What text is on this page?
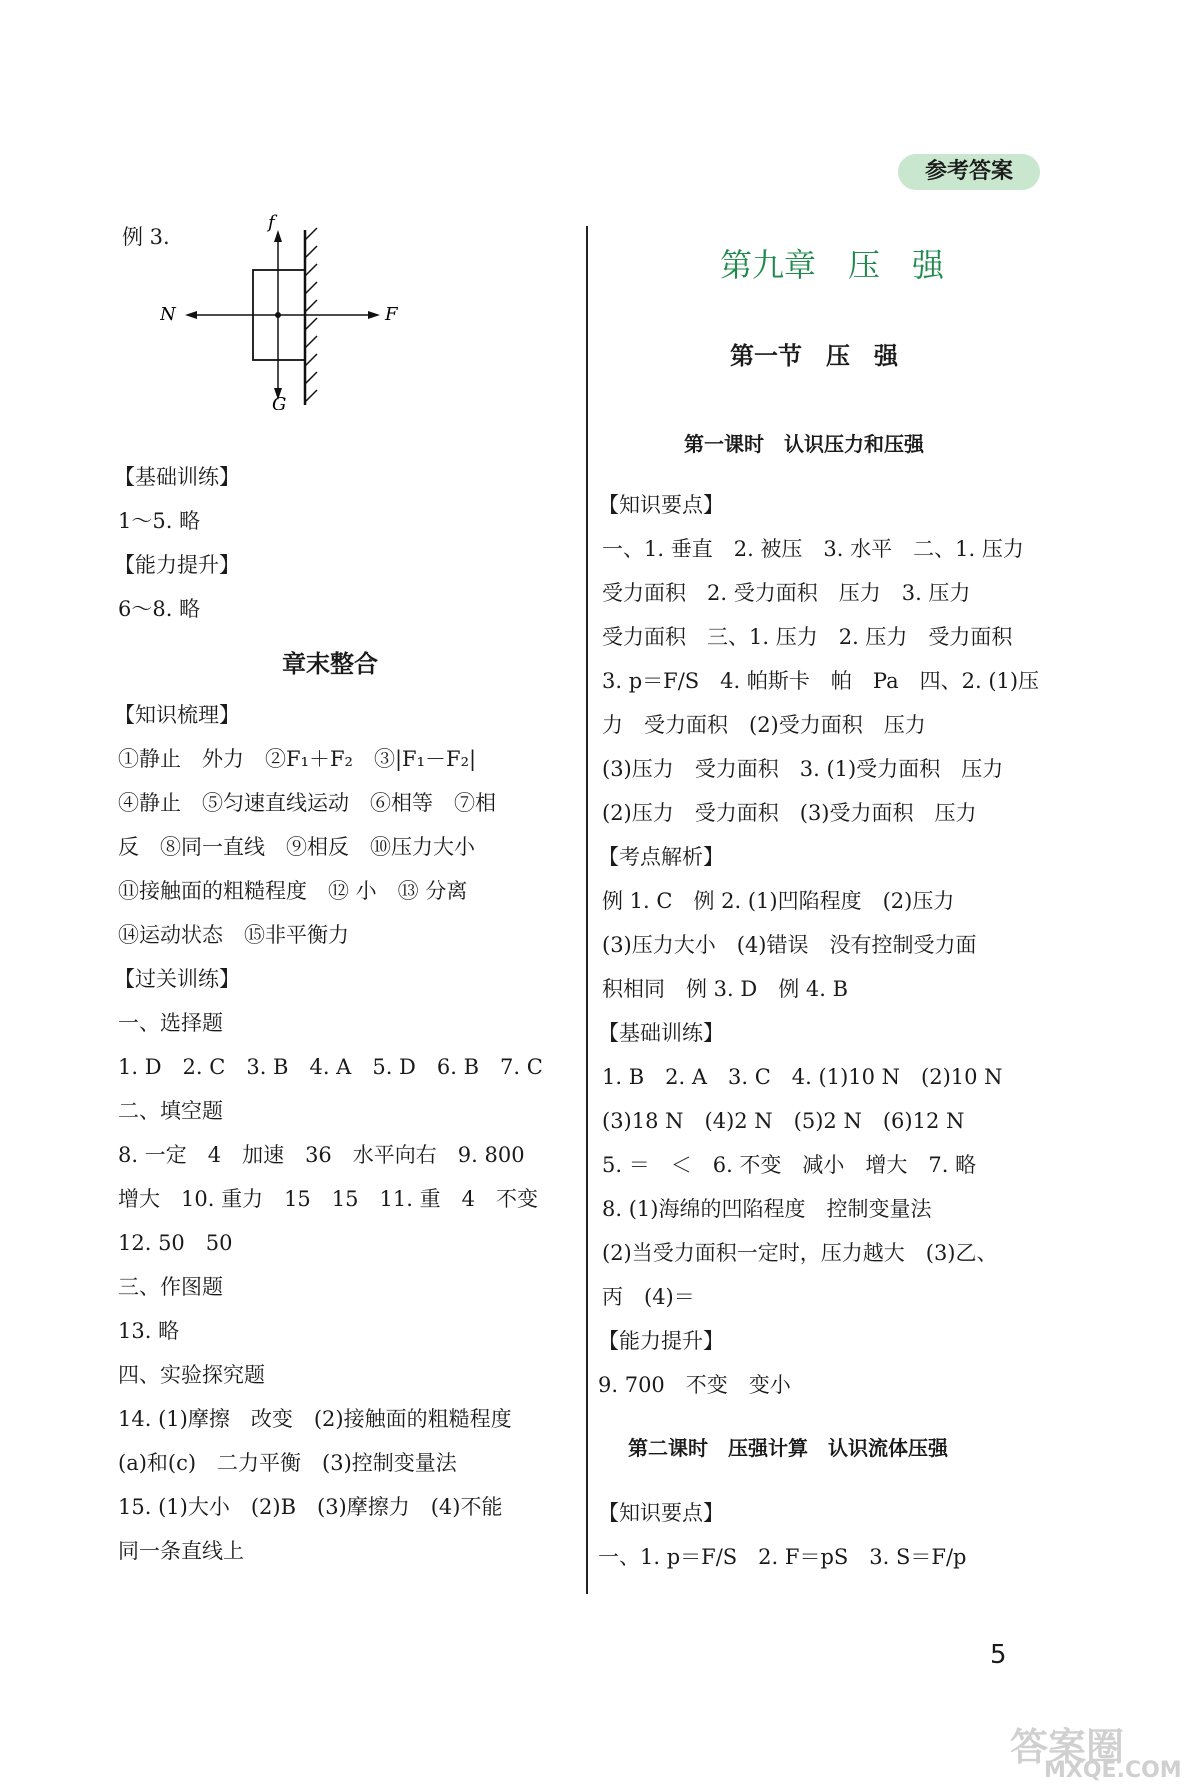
参考答案
例 3.
f
N	F
G
【基础训练】
1～5. 略
【能力提升】
6～8. 略
章末整合
【知识梳理】
①静止　外力　②F₁＋F₂　③|F₁－F₂|
④静止　⑤匀速直线运动　⑥相等　⑦相
反　⑧同一直线　⑨相反　⑩压力大小
⑪接触面的粗糙程度　⑫ 小　⑬ 分离
⑭运动状态　⑮非平衡力
【过关训练】
一、选择题
1. D　2. C　3. B　4. A　5. D　6. B　7. C
二、填空题
8. 一定　4　加速　36　水平向右　9. 800
增大　10. 重力　15　15　11. 重　4　不变
12. 50　50
三、作图题
13. 略
四、实验探究题
14. (1)摩擦　改变　(2)接触面的粗糙程度
(a)和(c)　二力平衡　(3)控制变量法
15. (1)大小　(2)B　(3)摩擦力　(4)不能
同一条直线上
第九章　压　强
第一节　压　强
第一课时　认识压力和压强
【知识要点】
一、1. 垂直　2. 被压　3. 水平　二、1. 压力
受力面积　2. 受力面积　压力　3. 压力
受力面积　三、1. 压力　2. 压力　受力面积
3. p＝F/S　4. 帕斯卡　帕　Pa　四、2. (1)压
力　受力面积　(2)受力面积　压力
(3)压力　受力面积　3. (1)受力面积　压力
(2)压力　受力面积　(3)受力面积　压力
【考点解析】
例 1. C　例 2. (1)凹陷程度　(2)压力
(3)压力大小　(4)错误　没有控制受力面
积相同　例 3. D　例 4. B
【基础训练】
1. B　2. A　3. C　4. (1)10 N　(2)10 N
(3)18 N　(4)2 N　(5)2 N　(6)12 N
5. ＝　＜　6. 不变　减小　增大　7. 略
8. (1)海绵的凹陷程度　控制变量法
(2)当受力面积一定时，压力越大　(3)乙、
丙　(4)＝
【能力提升】
9. 700　不变　变小
第二课时　压强计算　认识流体压强
【知识要点】
一、1. p＝F/S　2. F＝pS　3. S＝F/p
5
答案圈
MXQE.COM
